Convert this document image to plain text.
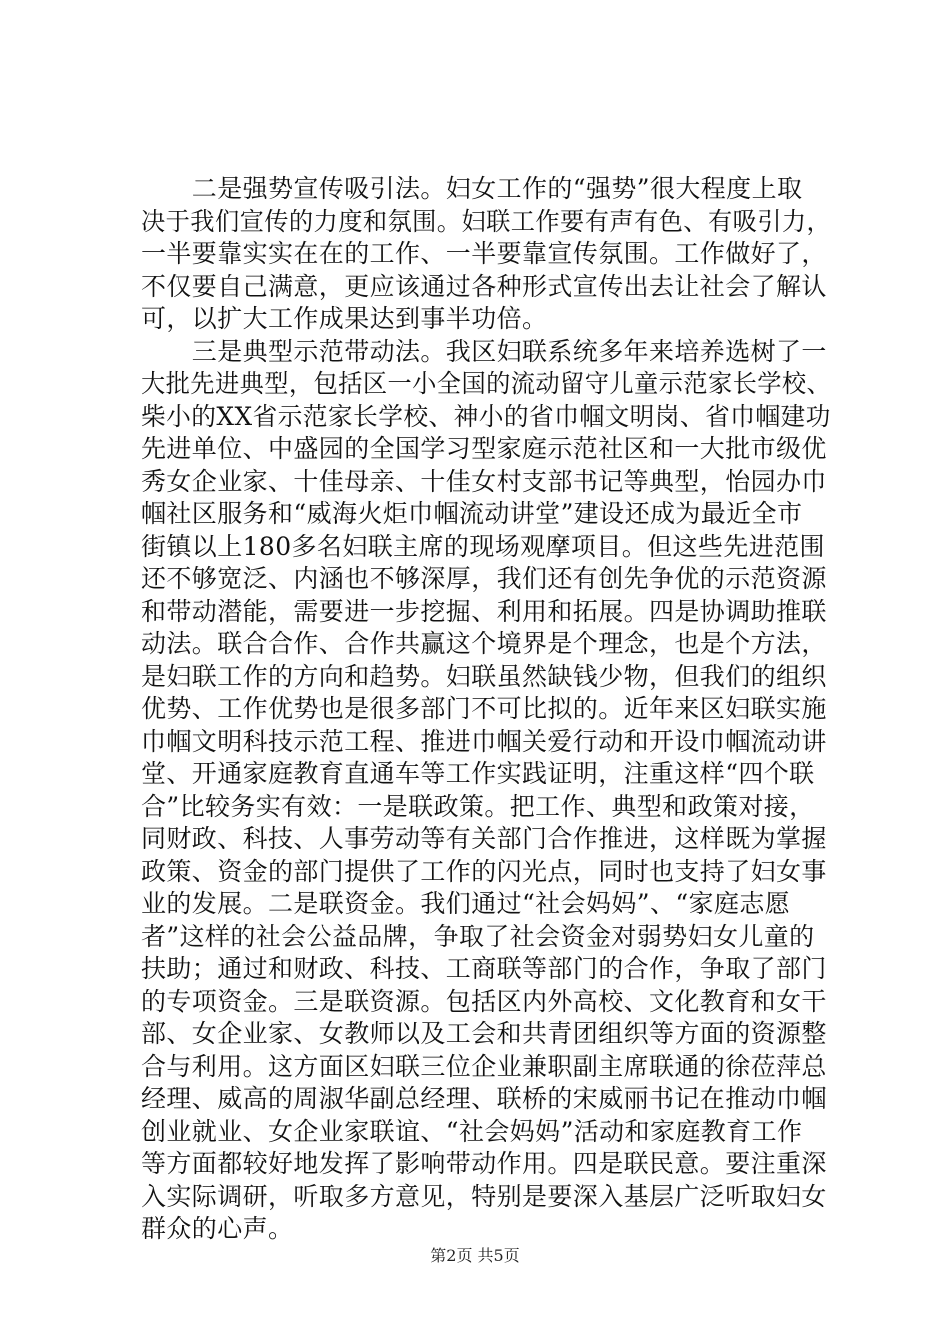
　　二是强势宣传吸引法。妇女工作的“强势”很大程度上取
决于我们宣传的力度和氛围。妇联工作要有声有色、有吸引力，
一半要靠实实在在的工作、一半要靠宣传氛围。工作做好了，
不仅要自己满意，更应该通过各种形式宣传出去让社会了解认
可，以扩大工作成果达到事半功倍。
　　三是典型示范带动法。我区妇联系统多年来培养选树了一
大批先进典型，包括区一小全国的流动留守儿童示范家长学校、
柴小的XX省示范家长学校、神小的省巾帼文明岗、省巾帼建功
先进单位、中盛园的全国学习型家庭示范社区和一大批市级优
秀女企业家、十佳母亲、十佳女村支部书记等典型，怡园办巾
帼社区服务和“威海火炬巾帼流动讲堂”建设还成为最近全市
街镇以上180多名妇联主席的现场观摩项目。但这些先进范围
还不够宽泛、内涵也不够深厚，我们还有创先争优的示范资源
和带动潜能，需要进一步挖掘、利用和拓展。四是协调助推联
动法。联合合作、合作共赢这个境界是个理念，也是个方法，
是妇联工作的方向和趋势。妇联虽然缺钱少物，但我们的组织
优势、工作优势也是很多部门不可比拟的。近年来区妇联实施
巾帼文明科技示范工程、推进巾帼关爱行动和开设巾帼流动讲
堂、开通家庭教育直通车等工作实践证明，注重这样“四个联
合”比较务实有效：一是联政策。把工作、典型和政策对接，
同财政、科技、人事劳动等有关部门合作推进，这样既为掌握
政策、资金的部门提供了工作的闪光点，同时也支持了妇女事
业的发展。二是联资金。我们通过“社会妈妈”、“家庭志愿
者”这样的社会公益品牌，争取了社会资金对弱势妇女儿童的
扶助；通过和财政、科技、工商联等部门的合作，争取了部门
的专项资金。三是联资源。包括区内外高校、文化教育和女干
部、女企业家、女教师以及工会和共青团组织等方面的资源整
合与利用。这方面区妇联三位企业兼职副主席联通的徐莅萍总
经理、威高的周淑华副总经理、联桥的宋威丽书记在推动巾帼
创业就业、女企业家联谊、“社会妈妈”活动和家庭教育工作
等方面都较好地发挥了影响带动作用。四是联民意。要注重深
入实际调研，听取多方意见，特别是要深入基层广泛听取妇女
群众的心声。
第2页 共5页
